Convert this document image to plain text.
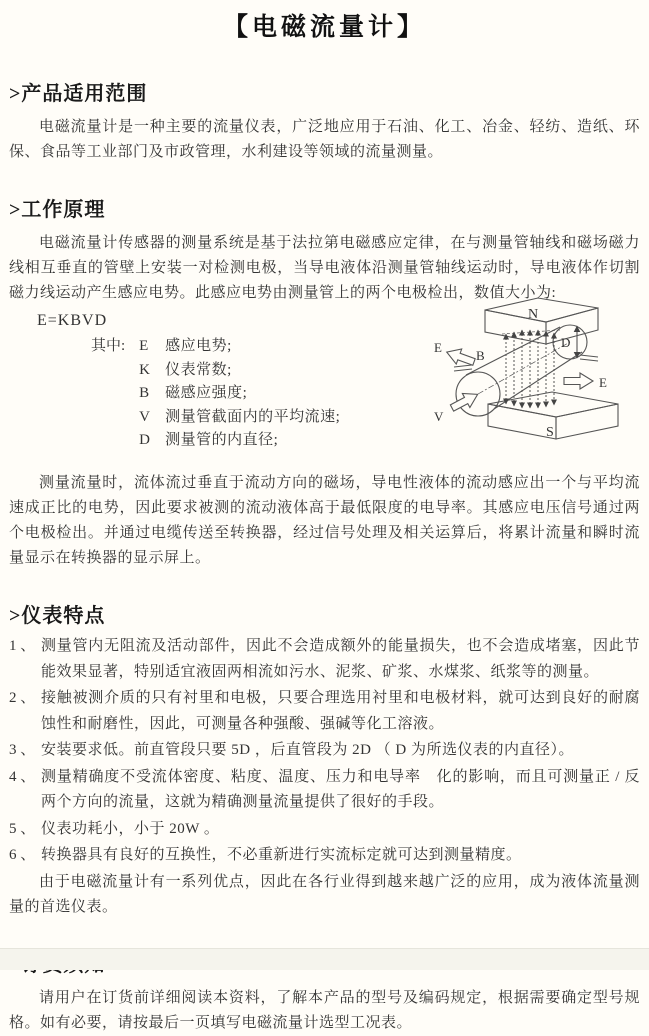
【电磁流量计】
>产品适用范围
电磁流量计是一种主要的流量仪表，广泛地应用于石油、化工、冶金、轻纺、造纸、环保、食品等工业部门及市政管理，水利建设等领域的流量测量。
>工作原理
电磁流量计传感器的测量系统是基于法拉第电磁感应定律，在与测量管轴线和磁场磁力线相互垂直的管壁上安装一对检测电极，当导电液体沿测量管轴线运动时，导电液体作切割磁力线运动产生感应电势。此感应电势由测量管上的两个电极检出，数值大小为:
E=KBVD
其中: E	感应电势;
K	仪表常数;
B	磁感应强度;
V	测量管截面内的平均流速;
D	测量管的内直径;
N
S
B
D
V
E
E
测量流量时，流体流过垂直于流动方向的磁场，导电性液体的流动感应出一个与平均流速成正比的电势，因此要求被测的流动液体高于最低限度的电导率。其感应电压信号通过两个电极检出。并通过电缆传送至转换器，经过信号处理及相关运算后，将累计流量和瞬时流量显示在转换器的显示屏上。
>仪表特点
1 、 测量管内无阻流及活动部件，因此不会造成额外的能量损失，也不会造成堵塞，因此节能效果显著，特别适宜液固两相流如污水、泥浆、矿浆、水煤浆、纸浆等的测量。
2 、 接触被测介质的只有衬里和电极，只要合理选用衬里和电极材料，就可达到良好的耐腐蚀性和耐磨性，因此，可测量各种强酸、强碱等化工溶液。
3 、 安装要求低。前直管段只要 5D ，后直管段为 2D （ D 为所选仪表的内直径）。
4 、 测量精确度不受流体密度、粘度、温度、压力和电导率　化的影响，而且可测量正 / 反两个方向的流量，这就为精确测量流量提供了很好的手段。
5 、 仪表功耗小，小于 20W 。
6 、 转换器具有良好的互换性，不必重新进行实流标定就可达到测量精度。
由于电磁流量计有一系列优点，因此在各行业得到越来越广泛的应用，成为液体流量测量的首选仪表。
请用户在订货前详细阅读本资料，了解本产品的型号及编码规定，根据需要确定型号规格。如有必要，请按最后一页填写电磁流量计选型工况表。
